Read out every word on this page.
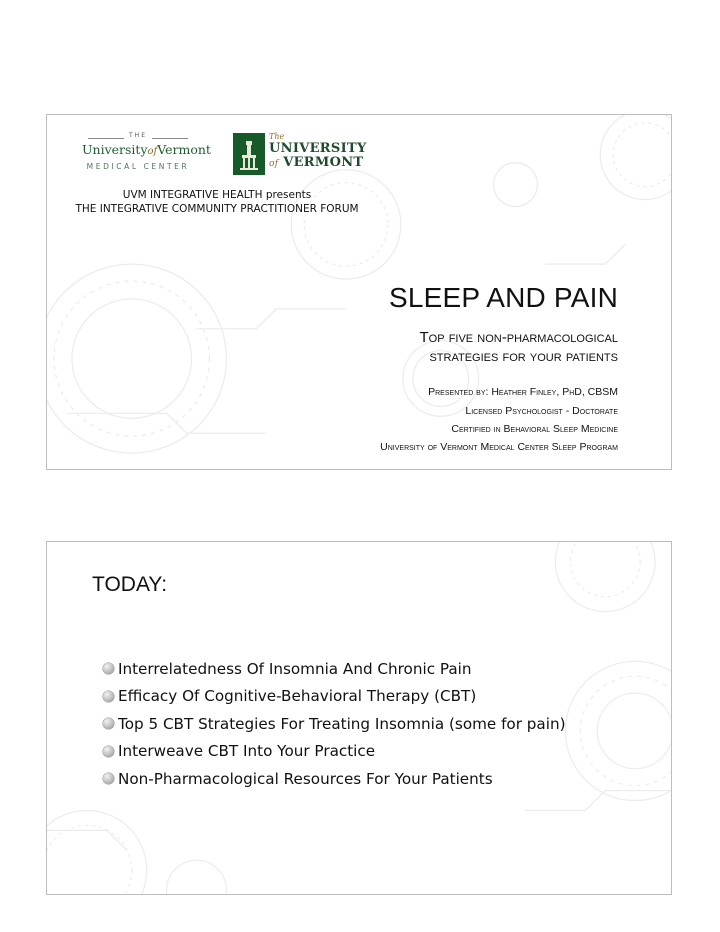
THE
UniversityofVermont
MEDICAL CENTER
The
UNIVERSITY
of VERMONT
UVM INTEGRATIVE HEALTH presents
THE INTEGRATIVE COMMUNITY PRACTITIONER FORUM
SLEEP AND PAIN
Top five non-pharmacological
strategies for your patients
Presented by: Heather Finley, PhD, CBSM
Licensed Psychologist - Doctorate
Certified in Behavioral Sleep Medicine
University of Vermont Medical Center Sleep Program
TODAY:
Interrelatedness Of Insomnia And Chronic Pain
Efficacy Of Cognitive-Behavioral Therapy (CBT)
Top 5 CBT Strategies For Treating Insomnia (some for pain)
Interweave CBT Into Your Practice
Non-Pharmacological Resources For Your Patients
